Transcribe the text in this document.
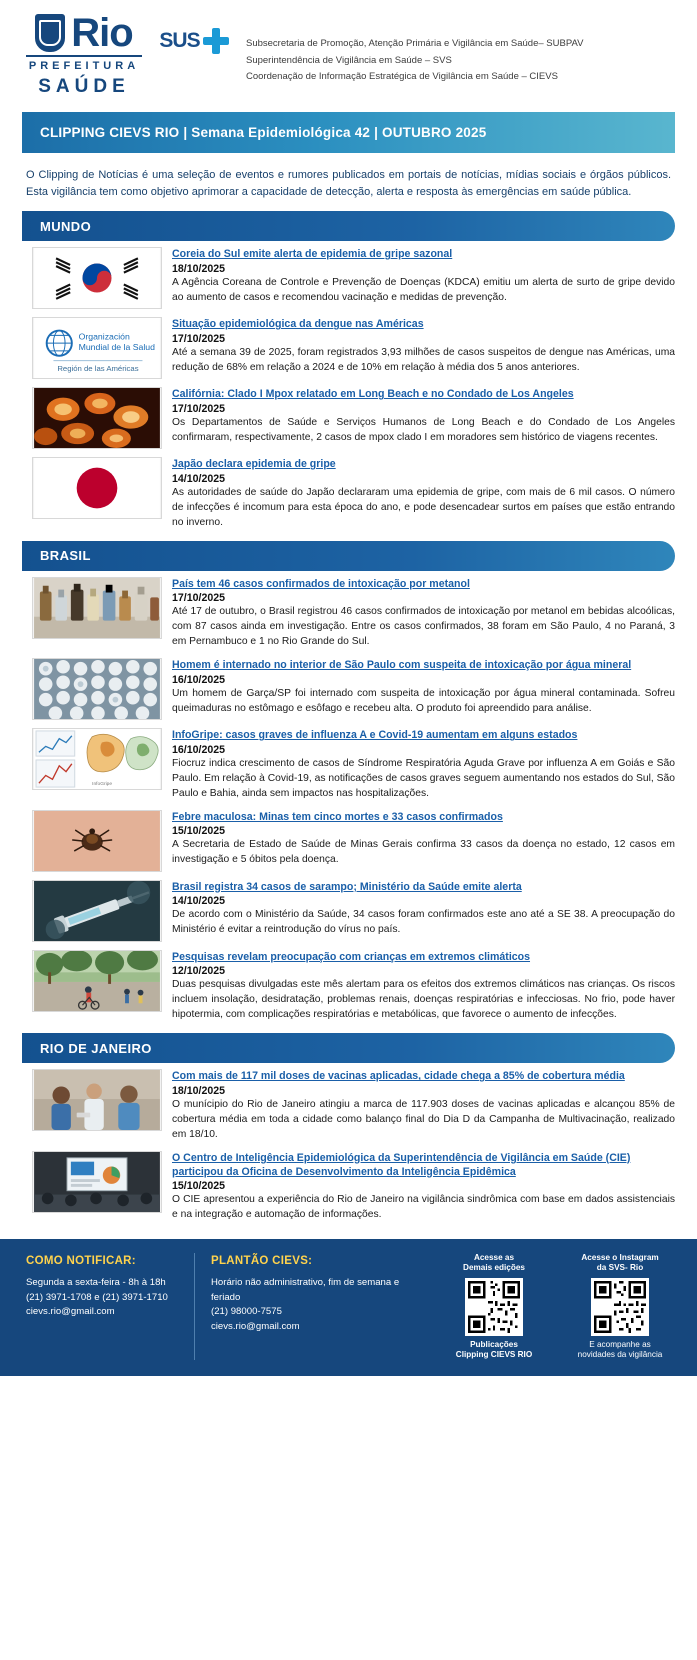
Rio
PREFEITURA
SAÚDE
SUS	Subsecretaria de Promoção, Atenção Primária e Vigilância em Saúde– SUBPAV
Superintendência de Vigilância em Saúde – SVS
Coordenação de Informação Estratégica de Vigilância em Saúde – CIEVS
CLIPPING CIEVS RIO | Semana Epidemiológica 42 | OUTUBRO 2025
O Clipping de Notícias é uma seleção de eventos e rumores publicados em portais de notícias, mídias sociais e órgãos públicos. Esta vigilância tem como objetivo aprimorar a capacidade de detecção, alerta e resposta às emergências em saúde pública.
MUNDO
Coreia do Sul emite alerta de epidemia de gripe sazonal
18/10/2025
A Agência Coreana de Controle e Prevenção de Doenças (KDCA) emitiu um alerta de surto de gripe devido ao aumento de casos e recomendou vacinação e medidas de prevenção.
Organización
Mundial de la Salud
Región de las Américas
Situação epidemiológica da dengue nas Américas
17/10/2025
Até a semana 39 de 2025, foram registrados 3,93 milhões de casos suspeitos de dengue nas Américas, uma redução de 68% em relação a 2024 e de 10% em relação à média dos 5 anos anteriores.
Califórnia: Clado I Mpox relatado em Long Beach e no Condado de Los Angeles
17/10/2025
Os Departamentos de Saúde e Serviços Humanos de Long Beach e do Condado de Los Angeles confirmaram, respectivamente, 2 casos de mpox clado I em moradores sem histórico de viagens recentes.
Japão declara epidemia de gripe
14/10/2025
As autoridades de saúde do Japão declararam uma epidemia de gripe, com mais de 6 mil casos. O número de infecções é incomum para esta época do ano, e pode desencadear surtos em países que estão entrando no inverno.
BRASIL
País tem 46 casos confirmados de intoxicação por metanol
17/10/2025
Até 17 de outubro, o Brasil registrou 46 casos confirmados de intoxicação por metanol em bebidas alcoólicas, com 87 casos ainda em investigação. Entre os casos confirmados, 38 foram em São Paulo, 4 no Paraná, 3 em Pernambuco e 1 no Rio Grande do Sul.
Homem é internado no interior de São Paulo com suspeita de intoxicação por água mineral
16/10/2025
Um homem de Garça/SP foi internado com suspeita de intoxicação por água mineral contaminada. Sofreu queimaduras no estômago e esôfago e recebeu alta. O produto foi apreendido para análise.
InfoGripe
InfoGripe: casos graves de influenza A e Covid-19 aumentam em alguns estados
16/10/2025
Fiocruz indica crescimento de casos de Síndrome Respiratória Aguda Grave por influenza A em Goiás e São Paulo. Em relação à Covid-19, as notificações de casos graves seguem aumentando nos estados do Sul, São Paulo e Bahia, ainda sem impactos nas hospitalizações.
Febre maculosa: Minas tem cinco mortes e 33 casos confirmados
15/10/2025
A Secretaria de Estado de Saúde de Minas Gerais confirma 33 casos da doença no estado, 12 casos em investigação e 5 óbitos pela doença.
Brasil registra 34 casos de sarampo; Ministério da Saúde emite alerta
14/10/2025
De acordo com o Ministério da Saúde, 34 casos foram confirmados este ano até a SE 38. A preocupação do Ministério é evitar a reintrodução do vírus no país.
Pesquisas revelam preocupação com crianças em extremos climáticos
12/10/2025
Duas pesquisas divulgadas este mês alertam para os efeitos dos extremos climáticos nas crianças. Os riscos incluem insolação, desidratação, problemas renais, doenças respiratórias e infecciosas. No frio, pode haver hipotermia, com complicações respiratórias e metabólicas, que favorece o aumento de infecções.
RIO DE JANEIRO
Com mais de 117 mil doses de vacinas aplicadas, cidade chega a 85% de cobertura média
18/10/2025
O munícipio do Rio de Janeiro atingiu a marca de 117.903 doses de vacinas aplicadas e alcançou 85% de cobertura média em toda a cidade como balanço final do Dia D da Campanha de Multivacinação, realizado em 18/10.
O Centro de Inteligência Epidemiológica da Superintendência de Vigilância em Saúde (CIE) participou da Oficina de Desenvolvimento da Inteligência Epidêmica
15/10/2025
O CIE apresentou a experiência do Rio de Janeiro na vigilância sindrômica com base em dados assistenciais e na integração e automação de informações.
COMO NOTIFICAR:
Segunda a sexta-feira - 8h à 18h
(21) 3971-1708 e (21) 3971-1710
cievs.rio@gmail.com
PLANTÃO CIEVS:
Horário não administrativo, fim de semana e feriado
(21) 98000-7575
cievs.rio@gmail.com
Acesse as
Demais edições
Publicações
Clipping CIEVS RIO
Acesse o Instagram
da SVS- Rio
E acompanhe as
novidades da vigilância
